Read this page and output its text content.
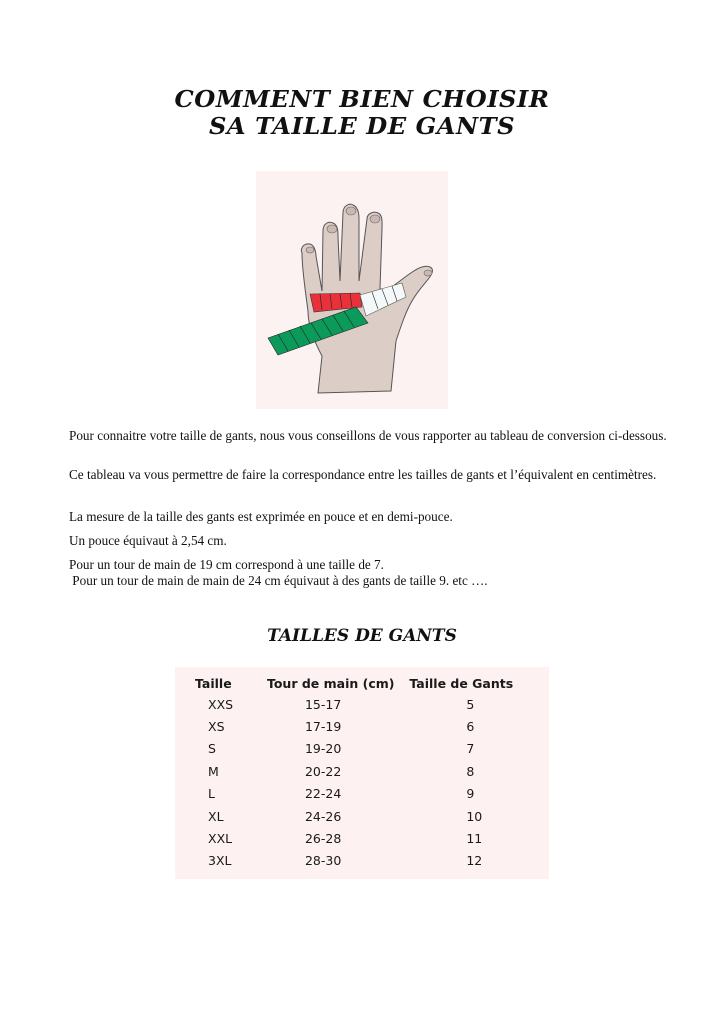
COMMENT BIEN CHOISIR
SA TAILLE DE GANTS
Pour connaitre votre taille de gants, nous vous conseillons de vous rapporter au tableau de conversion ci-dessous.
Ce tableau va vous permettre de faire la correspondance entre les tailles de gants et l’équivalent en centimètres.
La mesure de la taille des gants est exprimée en pouce et en demi-pouce.
Un pouce équivaut à 2,54 cm.
Pour un tour de main de 19 cm correspond à une taille de 7.
Pour un tour de main de main de 24 cm équivaut à des gants de taille 9. etc ….
TAILLES DE GANTS
Taille	Tour de main (cm)	Taille de Gants
XXS	15-17	5
XS	17-19	6
S	19-20	7
M	20-22	8
L	22-24	9
XL	24-26	10
XXL	26-28	11
3XL	28-30	12
